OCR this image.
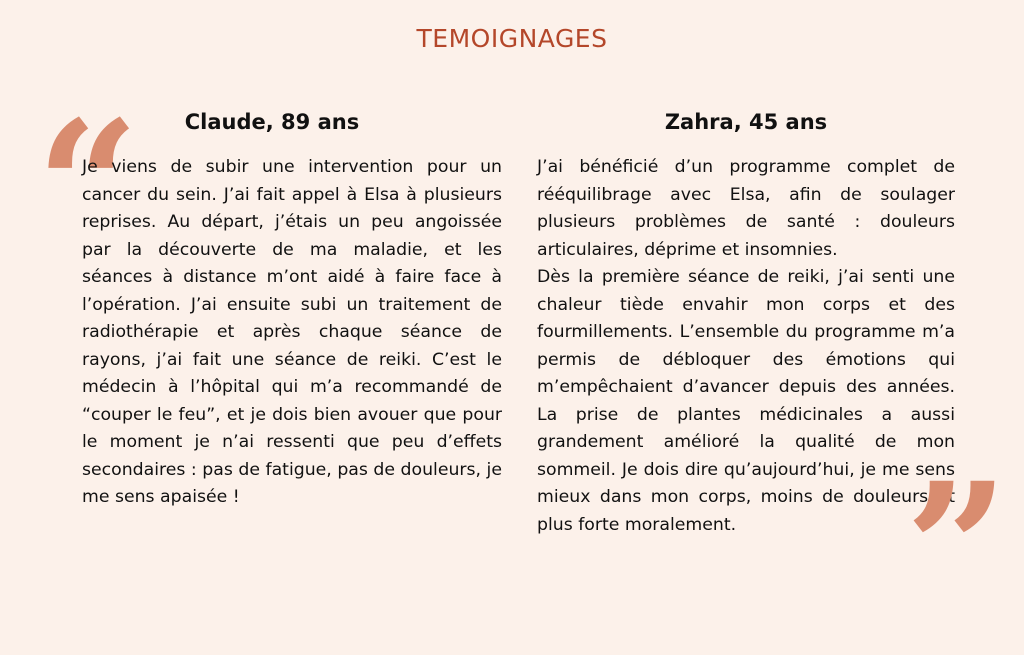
TEMOIGNAGES
“	Claude, 89 ans

Je viens de subir une intervention pour un cancer du sein. J’ai fait appel à Elsa à plusieurs reprises. Au départ, j’étais un peu angoissée par la découverte de ma maladie, et les séances à distance m’ont aidé à faire face à l’opération. J’ai ensuite subi un traitement de radiothérapie et après chaque séance de rayons, j’ai fait une séance de reiki. C’est le médecin à l’hôpital qui m’a recommandé de “couper le feu”, et je dois bien avouer que pour le moment je n’ai ressenti que peu d’effets secondaires : pas de fatigue, pas de douleurs, je me sens apaisée !

Zahra, 45 ans

J’ai bénéficié d’un programme complet de rééquilibrage avec Elsa, afin de soulager plusieurs problèmes de santé : douleurs articulaires, déprime et insomnies.
Dès la première séance de reiki, j’ai senti une chaleur tiède envahir mon corps et des fourmillements. L’ensemble du programme m’a permis de débloquer des émotions qui m’empêchaient d’avancer depuis des années. La prise de plantes médicinales a aussi grandement amélioré la qualité de mon sommeil. Je dois dire qu’aujourd’hui, je me sens mieux dans mon corps, moins de douleurs et plus forte moralement. ”
